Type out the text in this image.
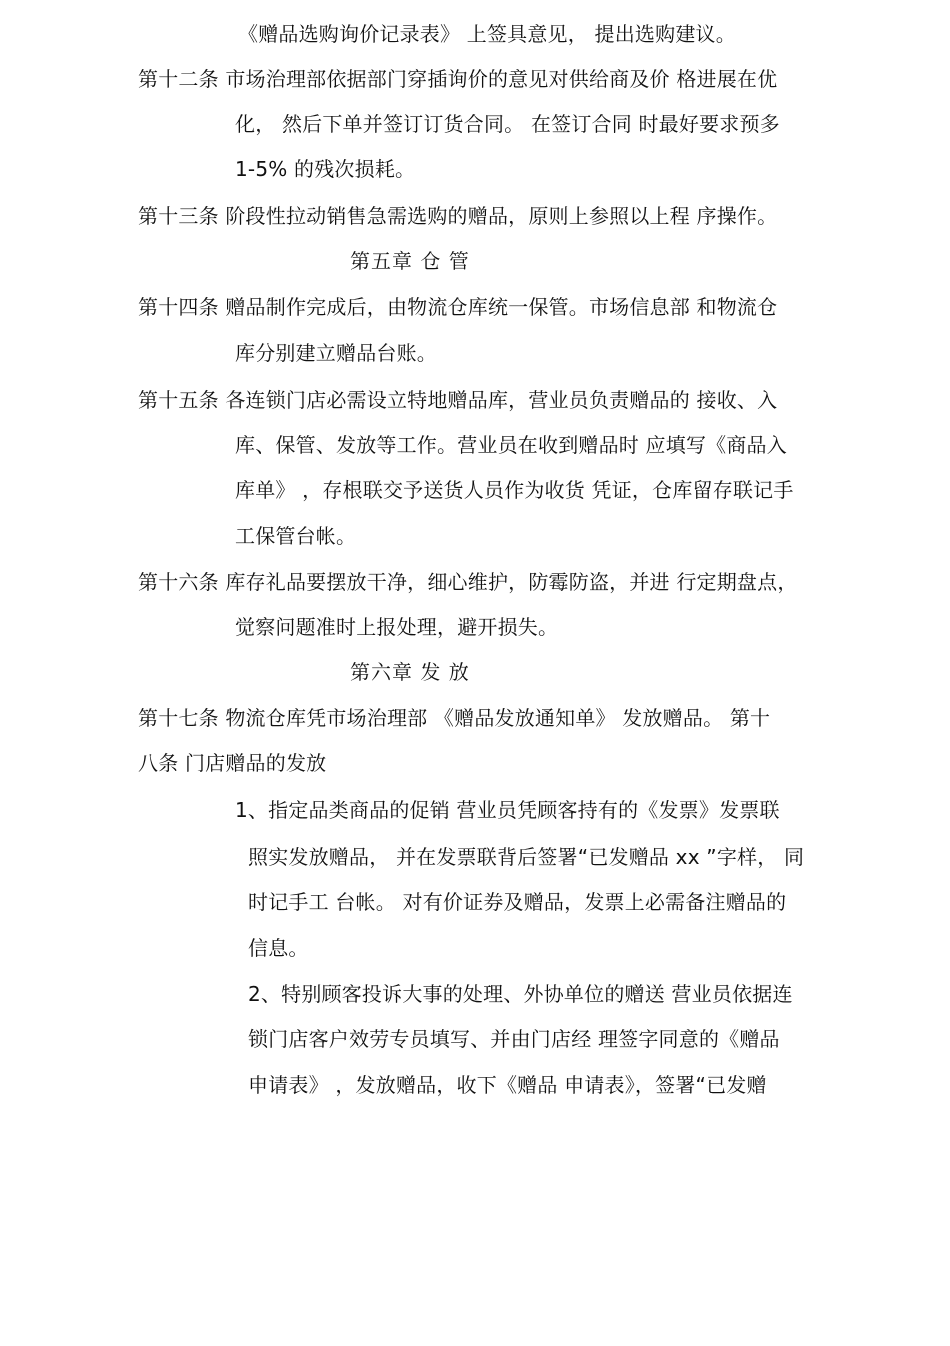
《赠品选购询价记录表》 上签具意见， 提出选购建议。

第十二条 市场治理部依据部门穿插询价的意见对供给商及价 格进展在优

化， 然后下单并签订订货合同。 在签订合同 时最好要求预多

1-5% 的残次损耗。

第十三条 阶段性拉动销售急需选购的赠品，原则上参照以上程 序操作。

第五章 仓 管

第十四条 赠品制作完成后，由物流仓库统一保管。市场信息部 和物流仓

库分别建立赠品台账。

第十五条 各连锁门店必需设立特地赠品库，营业员负责赠品的 接收、入

库、保管、发放等工作。营业员在收到赠品时 应填写《商品入

库单》 ，存根联交予送货人员作为收货 凭证，仓库留存联记手

工保管台帐。

第十六条 库存礼品要摆放干净，细心维护，防霉防盗，并进 行定期盘点，

觉察问题准时上报处理，避开损失。

第六章 发 放

第十七条 物流仓库凭市场治理部 《赠品发放通知单》 发放赠品。 第十

八条 门店赠品的发放

1、指定品类商品的促销 营业员凭顾客持有的《发票》发票联

照实发放赠品， 并在发票联背后签署“已发赠品 xx ”字样， 同

时记手工 台帐。 对有价证券及赠品，发票上必需备注赠品的

信息。

2、特别顾客投诉大事的处理、外协单位的赠送 营业员依据连

锁门店客户效劳专员填写、并由门店经 理签字同意的《赠品

申请表》 ，发放赠品，收下《赠品 申请表》，签署“已发赠
